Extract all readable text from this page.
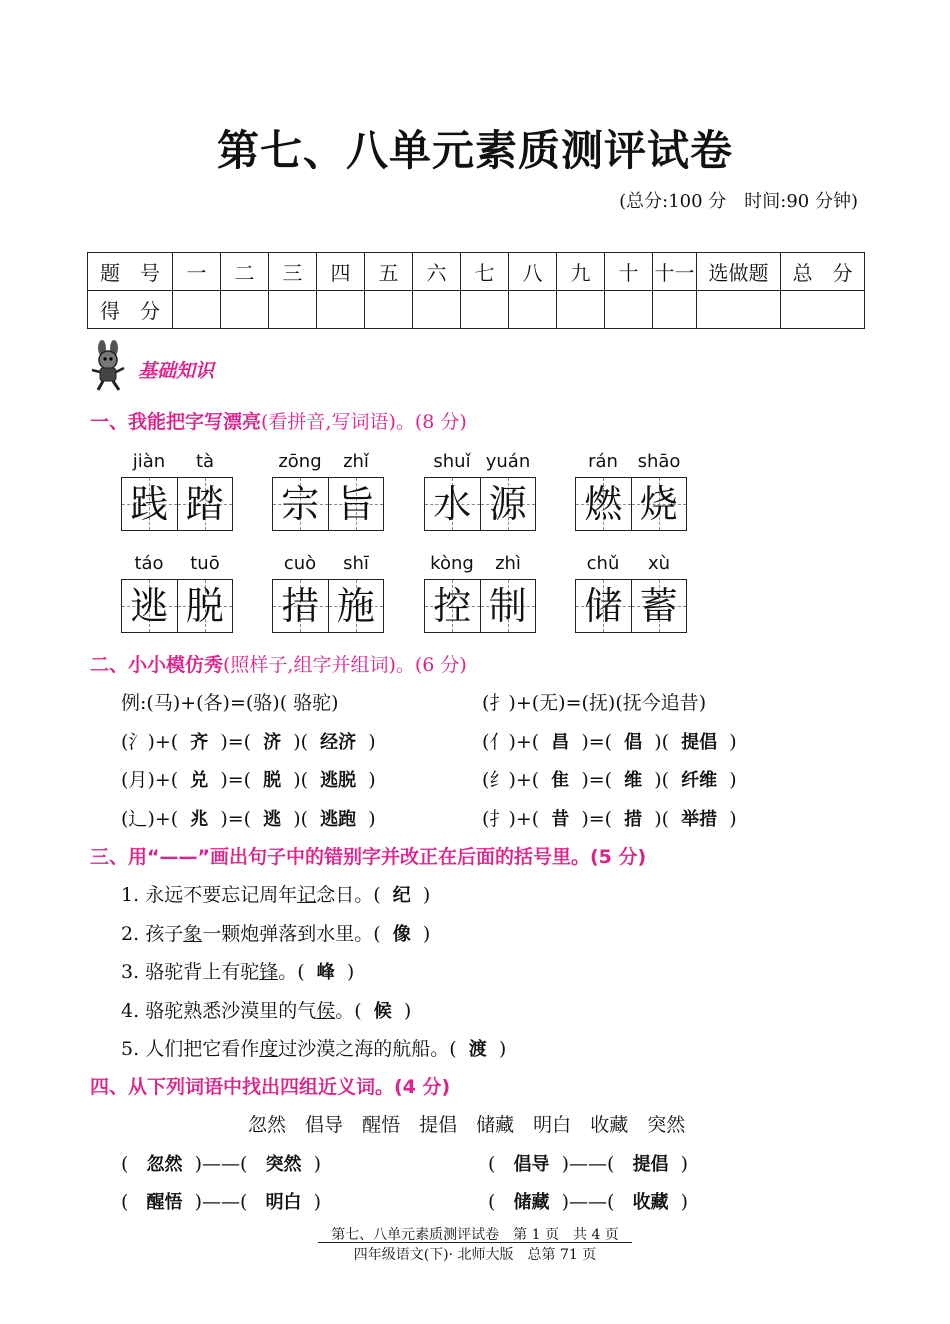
第七、八单元素质测评试卷
(总分:100 分　时间:90 分钟)
题　号	一	二	三	四	五	六	七	八	九	十	十一	选做题	总　分
得　分													
基础知识
一、我能把字写漂亮(看拼音,写词语)。(8 分)
jiàn	tà
践 踏
zōng	zhǐ
宗 旨
shuǐ yuán
水 源
rán	shāo
燃 烧
táo	tuō
逃 脱
cuò	shī
措 施
kòng	zhì
控 制
chǔ	xù
储 蓄
二、小小模仿秀(照样子,组字并组词)。(6 分)
例:(马)+(各)=(骆)( 骆驼)	(扌)+(无)=(抚)(抚今追昔)
(氵)+(  齐  )=(  济  )(  经济  )	(亻)+(  昌  )=(  倡  )(  提倡  )
(月)+(  兑  )=(  脱  )(  逃脱  )	(纟)+(  隹  )=(  维  )(  纤维  )
(辶)+(  兆  )=(  逃  )(  逃跑  )	(扌)+(  昔  )=(  措  )(  举措  )
三、用“——”画出句子中的错别字并改正在后面的括号里。(5 分)
1. 永远不要忘记周年记念日。( 纪  )
2. 孩子象一颗炮弹落到水里。( 像  )
3. 骆驼背上有驼锋。( 峰  )
4. 骆驼熟悉沙漠里的气侯。( 候  )
5. 人们把它看作度过沙漠之海的航船。( 渡  )
四、从下列词语中找出四组近义词。(4 分)
忽然　 倡导　 醒悟　 提倡　 储藏　 明白　 收藏　 突然
(   忽然  )——(   突然  )	(   倡导  )——(   提倡  )
(   醒悟  )——(   明白  )	(   储藏  )——(   收藏  )
第七、八单元素质测评试卷　第 1 页　共 4 页
四年级语文(下)· 北师大版　总第 71 页
